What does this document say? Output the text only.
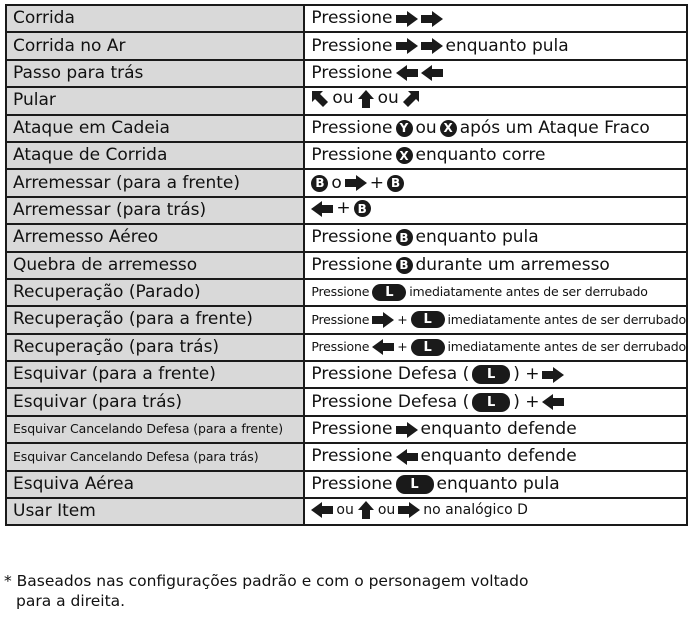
Corrida	Pressione

Corrida no Ar	Pressione enquanto pula

Passo para trás	Pressione

Pular	ou ou

Ataque em Cadeia	Pressione Y ou X após um Ataque Fraco

Ataque de Corrida	Pressione X enquanto corre

Arremessar (para a frente)	B o + B

Arremessar (para trás)	+ B

Arremesso Aéreo	Pressione B enquanto pula

Quebra de arremesso	Pressione B durante um arremesso

Recuperação (Parado)	Pressione L imediatamente antes de ser derrubado

Recuperação (para a frente)	Pressione + L imediatamente antes de ser derrubado

Recuperação (para trás)	Pressione + L imediatamente antes de ser derrubado

Esquivar (para a frente)	Pressione Defesa ( L ) +

Esquivar (para trás)	Pressione Defesa ( L ) +

Esquivar Cancelando Defesa (para a frente)	Pressione enquanto defende

Esquivar Cancelando Defesa (para trás)	Pressione enquanto defende

Esquiva Aérea	Pressione L enquanto pula

Usar Item	ou ou no analógico D
* Baseados nas configurações padrão e com o personagem voltado
para a direita.
